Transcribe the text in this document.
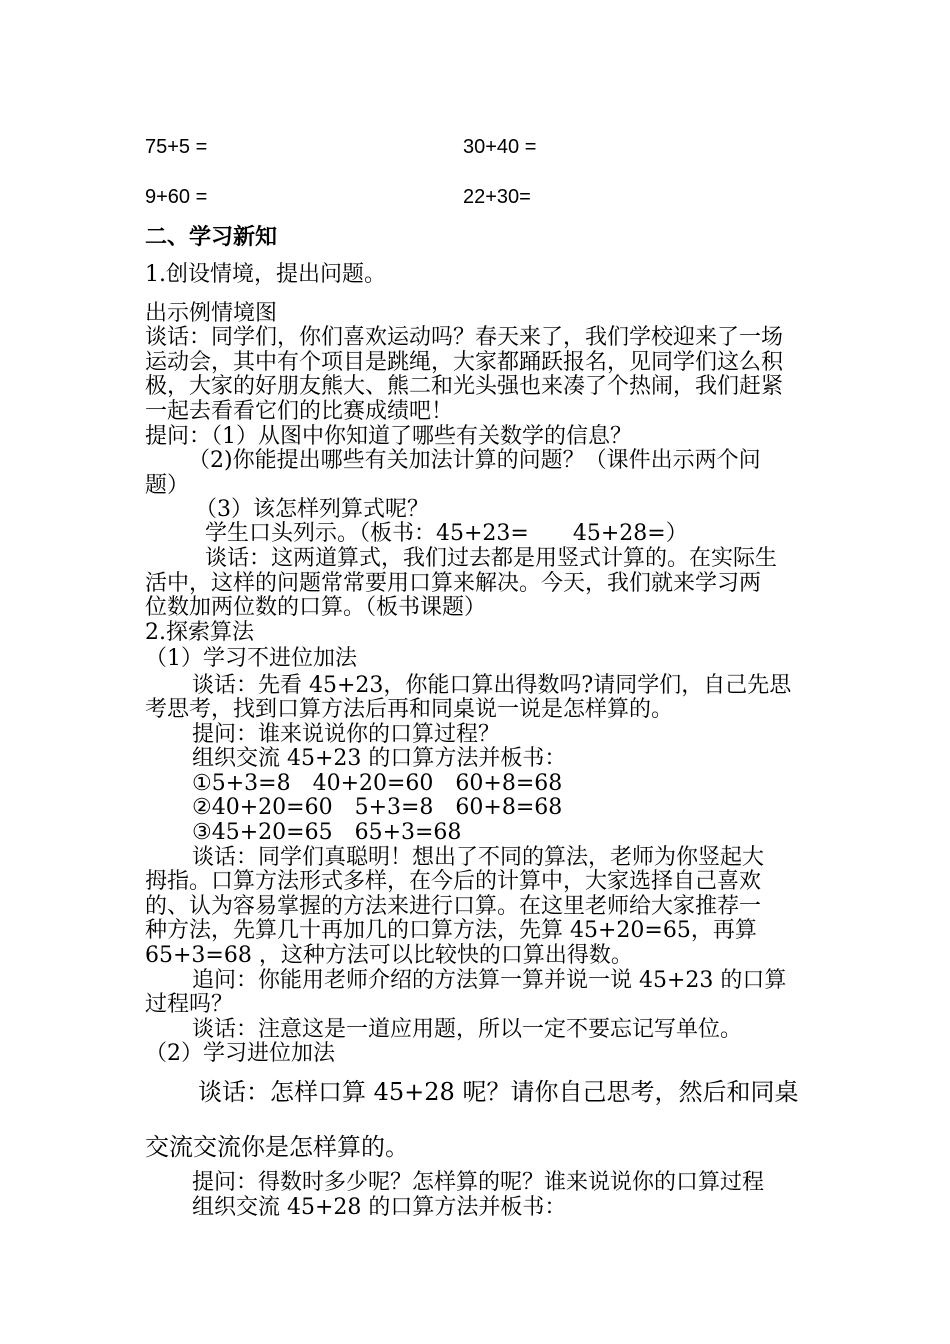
75+5 =	30+40 =
9+60 =	22+30=
二、学习新知
1.创设情境，提出问题。
出示例情境图
谈话：同学们，你们喜欢运动吗？春天来了，我们学校迎来了一场
运动会，其中有个项目是跳绳，大家都踊跃报名，见同学们这么积
极，大家的好朋友熊大、熊二和光头强也来凑了个热闹，我们赶紧
一起去看看它们的比赛成绩吧！
提问：（1）从图中你知道了哪些有关数学的信息？
（2)你能提出哪些有关加法计算的问题？（课件出示两个问
题）
（3）该怎样列算式呢？
学生口头列示。（板书：45+23=　　45+28=）
谈话：这两道算式，我们过去都是用竖式计算的。在实际生
活中，这样的问题常常要用口算来解决。今天，我们就来学习两
位数加两位数的口算。（板书课题）
2.探索算法
（1）学习不进位加法
谈话：先看 45+23，你能口算出得数吗?请同学们，自己先思
考思考，找到口算方法后再和同桌说一说是怎样算的。
提问：谁来说说你的口算过程？
组织交流 45+23 的口算方法并板书：
①5+3=8　40+20=60　60+8=68
②40+20=60　5+3=8　60+8=68
③45+20=65　65+3=68
谈话：同学们真聪明！想出了不同的算法，老师为你竖起大
拇指。口算方法形式多样，在今后的计算中，大家选择自己喜欢
的、认为容易掌握的方法来进行口算。在这里老师给大家推荐一
种方法，先算几十再加几的口算方法，先算 45+20=65，再算
65+3=68 ，这种方法可以比较快的口算出得数。
追问：你能用老师介绍的方法算一算并说一说 45+23 的口算
过程吗？
谈话：注意这是一道应用题，所以一定不要忘记写单位。
（2）学习进位加法
谈话：怎样口算 45+28 呢？请你自己思考，然后和同桌
交流交流你是怎样算的。
提问：得数时多少呢？怎样算的呢？谁来说说你的口算过程
组织交流 45+28 的口算方法并板书：
